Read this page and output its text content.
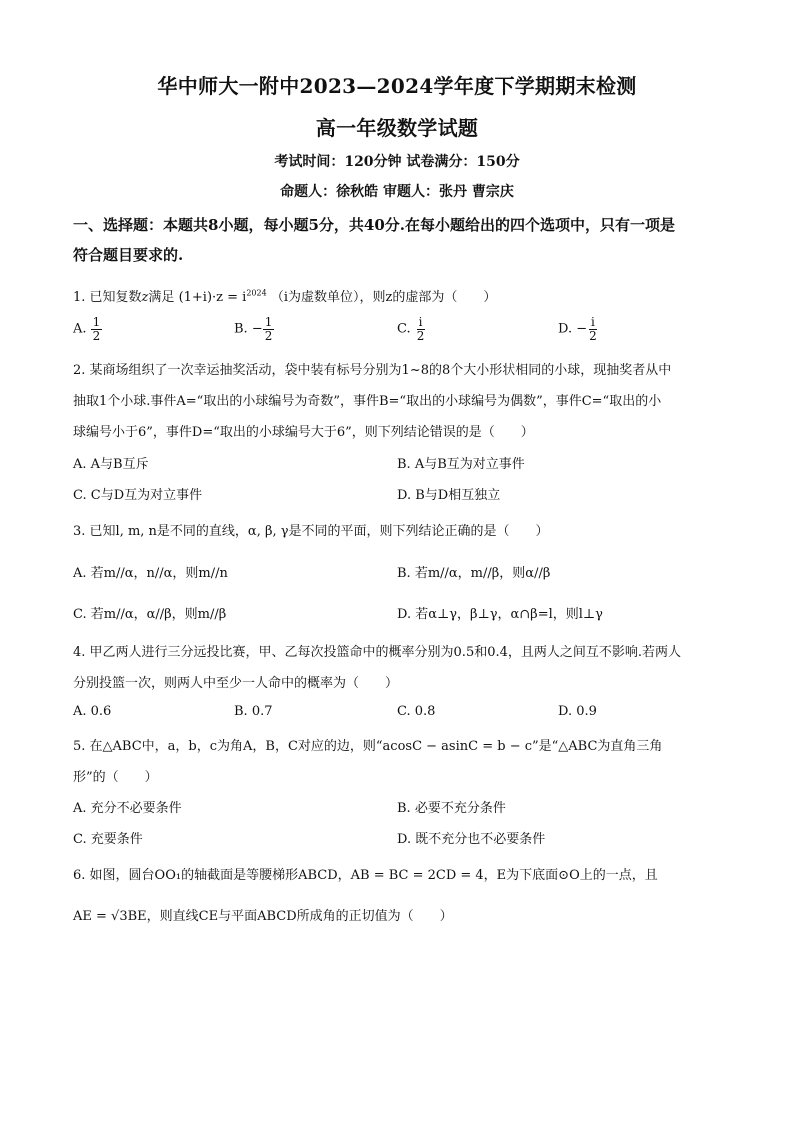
华中师大一附中2023—2024学年度下学期期末检测
高一年级数学试题
考试时间：120分钟 试卷满分：150分
命题人：徐秋皓 审题人：张丹 曹宗庆
一、选择题：本题共8小题，每小题5分，共40分.在每小题给出的四个选项中，只有一项是
符合题目要求的.
1. 已知复数z满足 $(1+i)\cdot z = i^{2024}$ （i为虚数单位），则z的虚部为（　　）
A. $\frac{1}{2}$	B. − $\frac{1}{2}$	C. $\frac{i}{2}$	D. − $\frac{i}{2}$
2. 某商场组织了一次幸运抽奖活动，袋中装有标号分别为1~8的8个大小形状相同的小球，现抽奖者从中
抽取1个小球.事件A=“取出的小球编号为奇数”，事件B=“取出的小球编号为偶数”，事件C=“取出的小
球编号小于6”，事件D=“取出的小球编号大于6”，则下列结论错误的是（　　）
A. A与B互斥	B. A与B互为对立事件
C. C与D互为对立事件	D. B与D相互独立
3. 已知l, m, n是不同的直线，α, β, γ是不同的平面，则下列结论正确的是（　　）
A. 若m//α，n//α，则m//n	B. 若m//α，m//β，则α//β
C. 若m//α，α//β，则m//β	D. 若α⊥γ，β⊥γ，α∩β=l，则l⊥γ
4. 甲乙两人进行三分远投比赛，甲、乙每次投篮命中的概率分别为0.5和0.4，且两人之间互不影响.若两人
分别投篮一次，则两人中至少一人命中的概率为（　　）
A. 0.6	B. 0.7	C. 0.8	D. 0.9
5. 在△ABC中，a，b，c为角A，B，C对应的边，则“acosC − asinC = b − c”是“△ABC为直角三角
形”的（　　）
A. 充分不必要条件	B. 必要不充分条件
C. 充要条件	D. 既不充分也不必要条件
6. 如图，圆台OO₁的轴截面是等腰梯形ABCD，AB = BC = 2CD = 4，E为下底面⊙O上的一点，且
AE = √3BE，则直线CE与平面ABCD所成角的正切值为（　　）
